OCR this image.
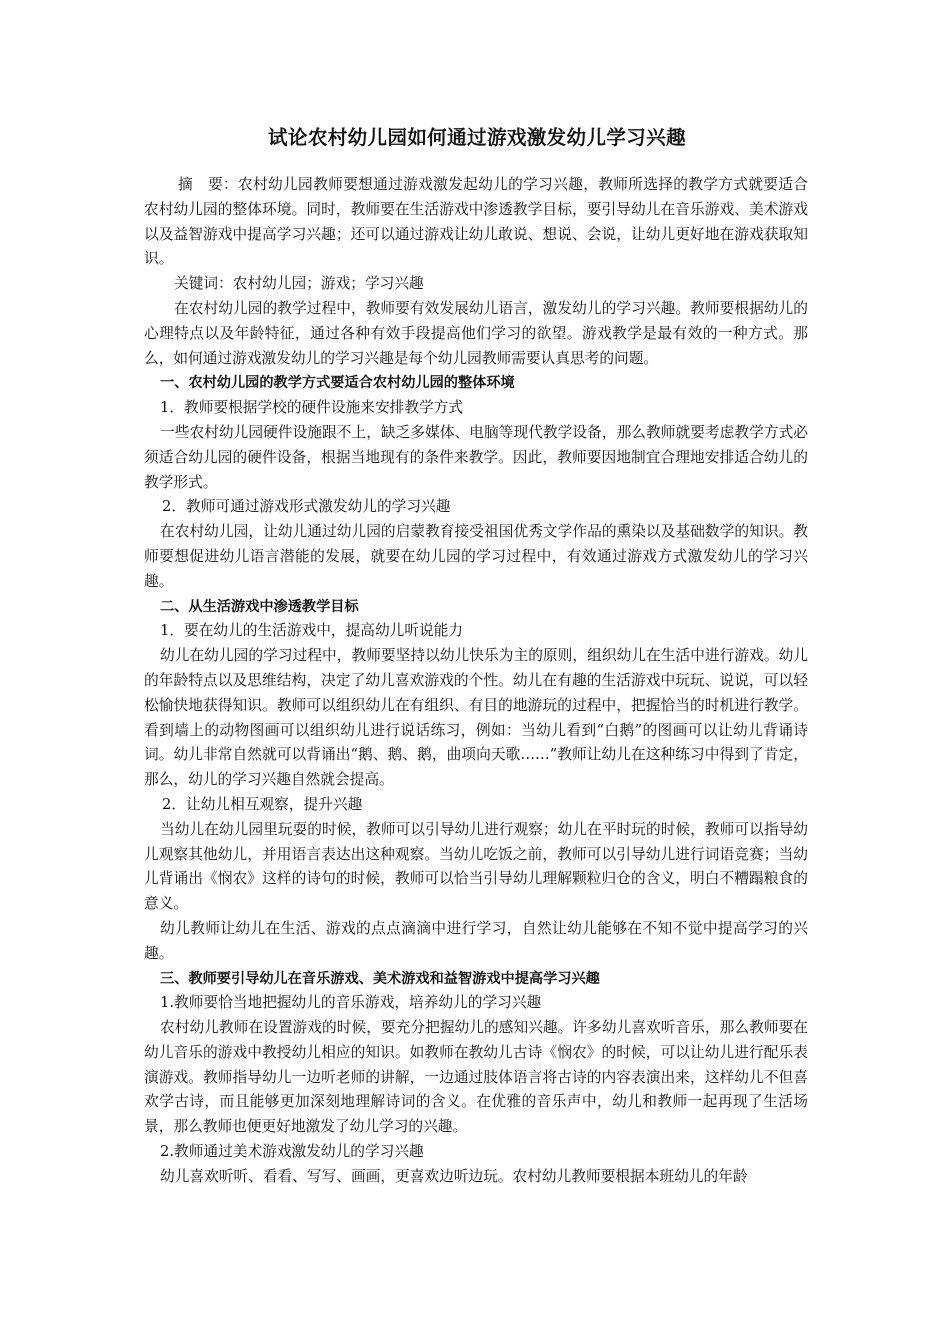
试论农村幼儿园如何通过游戏激发幼儿学习兴趣

摘　要：农村幼儿园教师要想通过游戏激发起幼儿的学习兴趣，教师所选择的教学方式就要适合农村幼儿园的整体环境。同时，教师要在生活游戏中渗透教学目标，要引导幼儿在音乐游戏、美术游戏以及益智游戏中提高学习兴趣；还可以通过游戏让幼儿敢说、想说、会说，让幼儿更好地在游戏获取知识。

关键词：农村幼儿园；游戏；学习兴趣

在农村幼儿园的教学过程中，教师要有效发展幼儿语言，激发幼儿的学习兴趣。教师要根据幼儿的心理特点以及年龄特征，通过各种有效手段提高他们学习的欲望。游戏教学是最有效的一种方式。那么，如何通过游戏激发幼儿的学习兴趣是每个幼儿园教师需要认真思考的问题。

一、农村幼儿园的教学方式要适合农村幼儿园的整体环境

1．教师要根据学校的硬件设施来安排教学方式

一些农村幼儿园硬件设施跟不上，缺乏多媒体、电脑等现代教学设备，那么教师就要考虑教学方式必须适合幼儿园的硬件设备，根据当地现有的条件来教学。因此，教师要因地制宜合理地安排适合幼儿的教学形式。

2．教师可通过游戏形式激发幼儿的学习兴趣

在农村幼儿园，让幼儿通过幼儿园的启蒙教育接受祖国优秀文学作品的熏染以及基础数学的知识。教师要想促进幼儿语言潜能的发展，就要在幼儿园的学习过程中，有效通过游戏方式激发幼儿的学习兴趣。

二、从生活游戏中渗透教学目标

1．要在幼儿的生活游戏中，提高幼儿听说能力

幼儿在幼儿园的学习过程中，教师要坚持以幼儿快乐为主的原则，组织幼儿在生活中进行游戏。幼儿的年龄特点以及思维结构，决定了幼儿喜欢游戏的个性。幼儿在有趣的生活游戏中玩玩、说说，可以轻松愉快地获得知识。教师可以组织幼儿在有组织、有目的地游玩的过程中，把握恰当的时机进行教学。看到墙上的动物图画可以组织幼儿进行说话练习，例如：当幼儿看到“白鹅”的图画可以让幼儿背诵诗词。幼儿非常自然就可以背诵出“鹅、鹅、鹅，曲项向天歌……”教师让幼儿在这种练习中得到了肯定，那么，幼儿的学习兴趣自然就会提高。

2．让幼儿相互观察，提升兴趣

当幼儿在幼儿园里玩耍的时候，教师可以引导幼儿进行观察；幼儿在平时玩的时候，教师可以指导幼儿观察其他幼儿，并用语言表达出这种观察。当幼儿吃饭之前，教师可以引导幼儿进行词语竞赛；当幼儿背诵出《悯农》这样的诗句的时候，教师可以恰当引导幼儿理解颗粒归仓的含义，明白不糟蹋粮食的意义。

幼儿教师让幼儿在生活、游戏的点点滴滴中进行学习，自然让幼儿能够在不知不觉中提高学习的兴趣。

三、教师要引导幼儿在音乐游戏、美术游戏和益智游戏中提高学习兴趣

1.教师要恰当地把握幼儿的音乐游戏，培养幼儿的学习兴趣

农村幼儿教师在设置游戏的时候，要充分把握幼儿的感知兴趣。许多幼儿喜欢听音乐，那么教师要在幼儿音乐的游戏中教授幼儿相应的知识。如教师在教幼儿古诗《悯农》的时候，可以让幼儿进行配乐表演游戏。教师指导幼儿一边听老师的讲解，一边通过肢体语言将古诗的内容表演出来，这样幼儿不但喜欢学古诗，而且能够更加深刻地理解诗词的含义。在优雅的音乐声中，幼儿和教师一起再现了生活场景，那么教师也便更好地激发了幼儿学习的兴趣。

2.教师通过美术游戏激发幼儿的学习兴趣

幼儿喜欢听听、看看、写写、画画，更喜欢边听边玩。农村幼儿教师要根据本班幼儿的年龄
